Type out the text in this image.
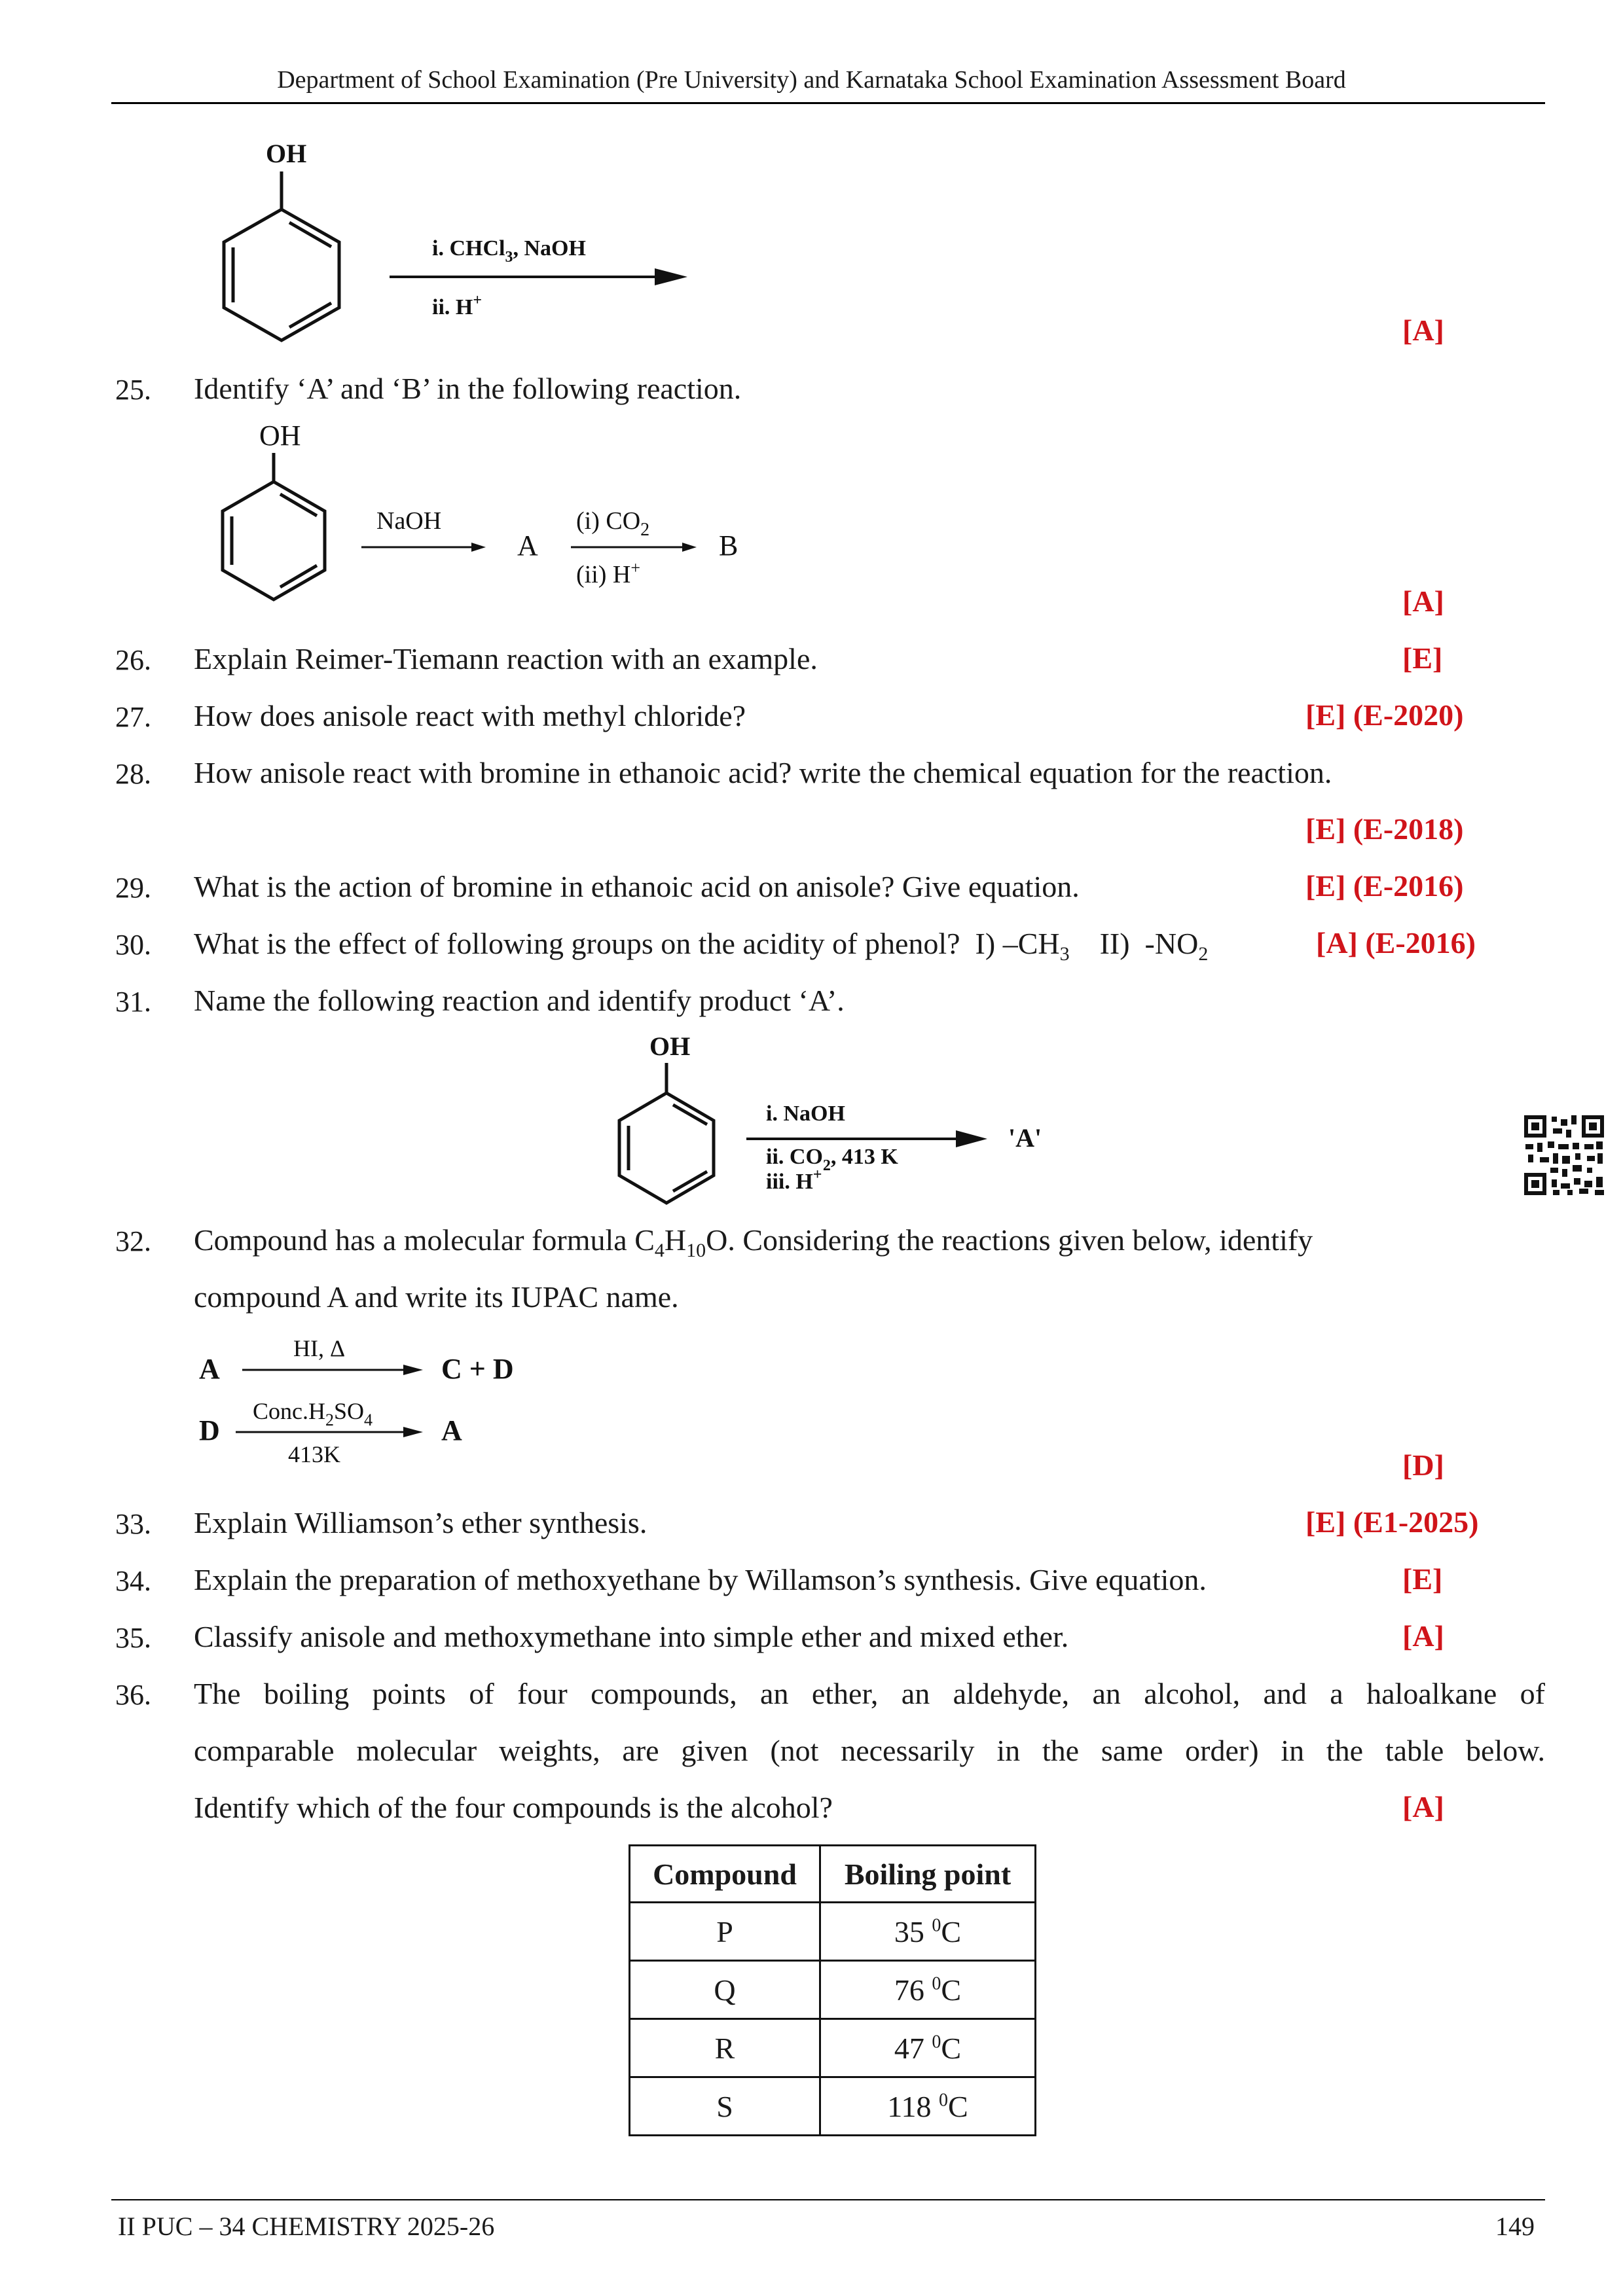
Department of School Examination (Pre University) and Karnataka School Examination Assessment Board
OH
i. CHCl$_3$, NaOH
ii. H+
[A]
25.	Identify ‘A’ and ‘B’ in the following reaction.
OH
NaOH
A
(i) $CO_2$
(ii) H+
B
[A]
26.	Explain Reimer-Tiemann reaction with an example.	[E]
27.	How does anisole react with methyl chloride?	[E] (E-2020)
28.	How anisole react with bromine in ethanoic acid? write the chemical equation for the reaction.
[E] (E-2018)
29.	What is the action of bromine in ethanoic acid on anisole? Give equation.	[E] (E-2016)
30.	What is the effect of following groups on the acidity of phenol?  I) $-CH_3$    II)  $-NO_2$	[A] (E-2016)
31.	Name the following reaction and identify product ‘A’.
OH
i. NaOH
ii. $CO_2$, 413 K
iii. H+
'A'
32.	Compound has a molecular formula $C_4H_{10}O$. Considering the reactions given below, identify
compound A and write its IUPAC name.
A
HI, Δ
C + D
D
$Conc.H_2SO_4$
413K
A
[D]
33.	Explain Williamson’s ether synthesis.	[E] (E1-2025)
34.	Explain the preparation of methoxyethane by Willamson’s synthesis. Give equation.	[E]
35.	Classify anisole and methoxymethane into simple ether and mixed ether.	[A]
36.	The boiling points of four compounds, an ether, an aldehyde, an alcohol, and a haloalkane of
comparable molecular weights, are given (not necessarily in the same order) in the table below.
Identify which of the four compounds is the alcohol?	[A]
Compound	Boiling point
P	35 $^0$C
Q	76 $^0$C
R	47 $^0$C
S	118 $^0$C
II PUC – 34 CHEMISTRY 2025-26	149
